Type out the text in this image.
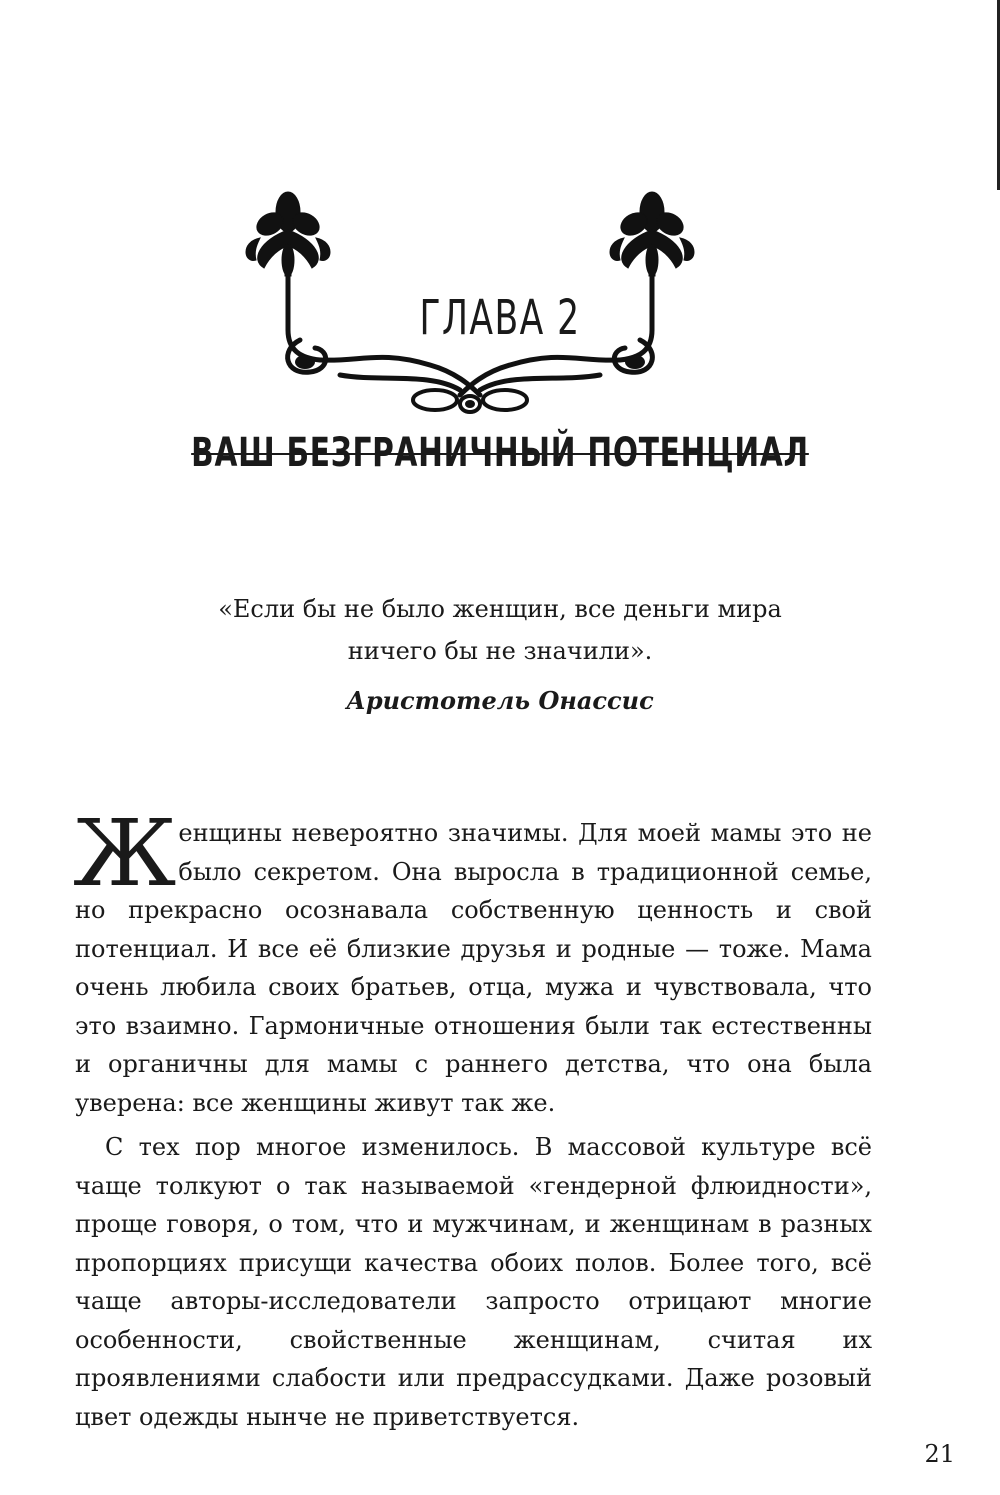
ГЛАВА 2
ВАШ БЕЗГРАНИЧНЫЙ ПОТЕНЦИАЛ
«Если бы не было женщин, все деньги мира
ничего бы не значили».
Аристотель Онассис

Женщины невероятно значимы. Для моей мамы это не было секретом. Она выросла в традиционной семье, но прекрасно осознавала собственную ценность и свой потенциал. И все её близкие друзья и родные — тоже. Мама очень любила своих братьев, отца, мужа и чувствовала, что это взаимно. Гармоничные отношения были так естественны и органичны для мамы с раннего детства, что она была уверена: все женщины живут так же.

С тех пор многое изменилось. В массовой культуре всё чаще толкуют о так называемой «гендерной флюидности», проще говоря, о том, что и мужчинам, и женщинам в разных пропорциях присущи качества обоих полов. Более того, всё чаще авторы-исследователи запросто отрицают многие особенности, свойственные женщинам, считая их проявлениями слабости или предрассудками. Даже розовый цвет одежды нынче не приветствуется.

21
